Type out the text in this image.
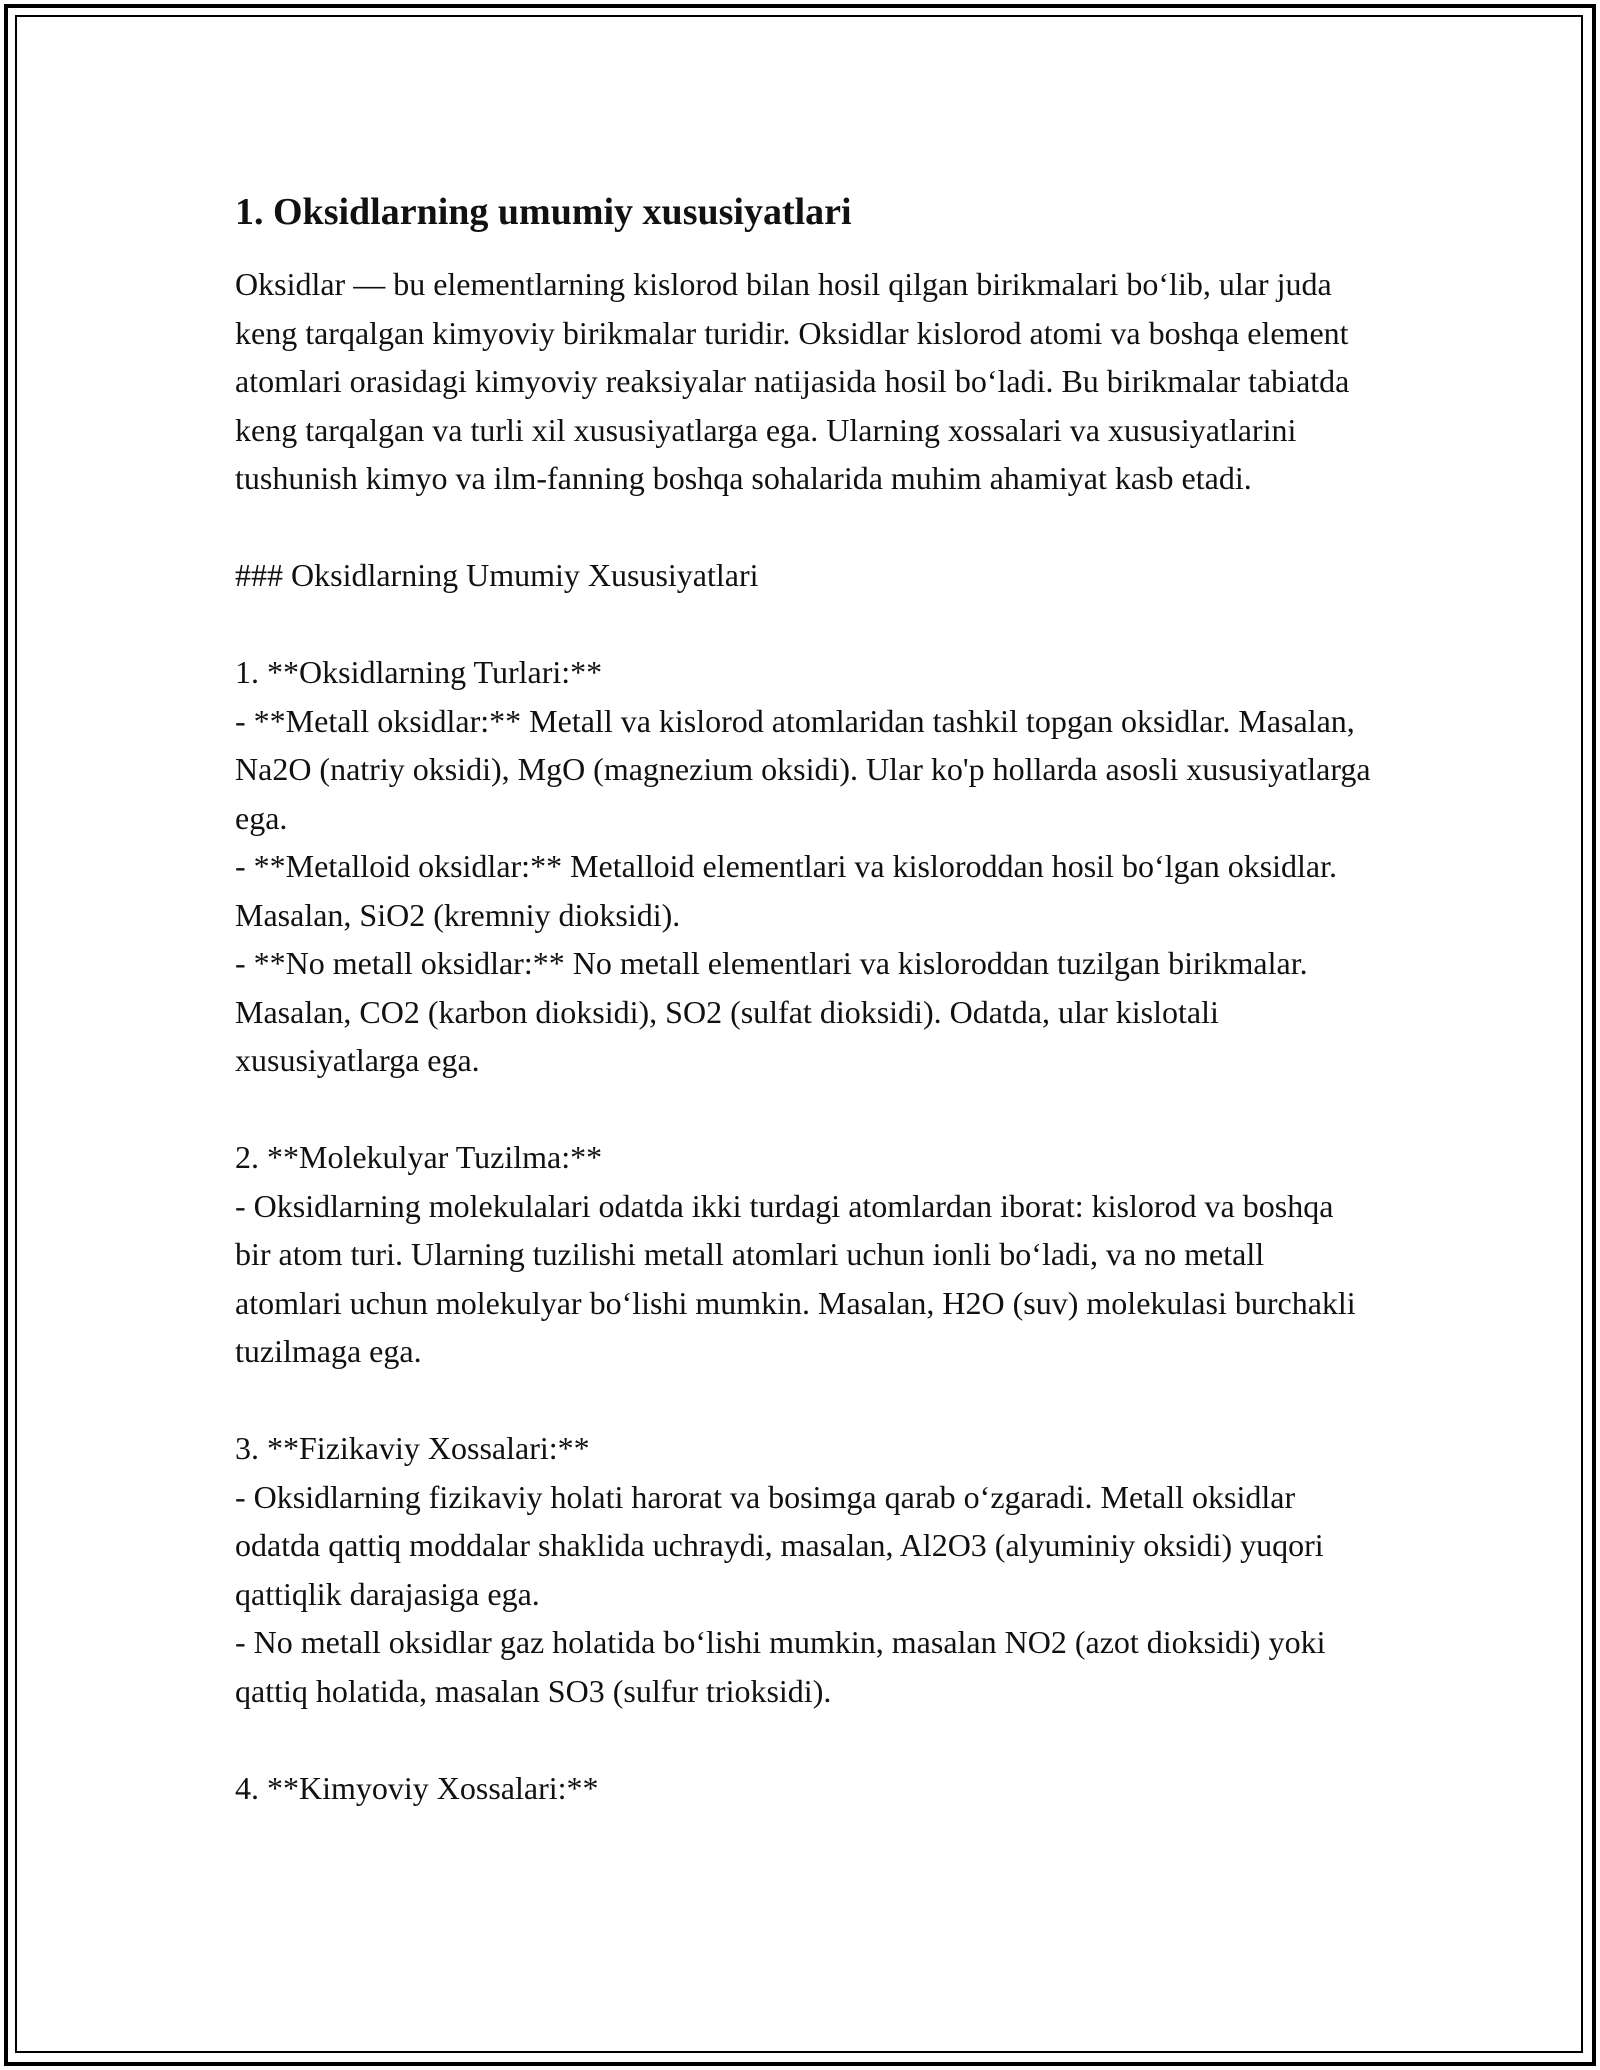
1. Oksidlarning umumiy xususiyatlari

Oksidlar — bu elementlarning kislorod bilan hosil qilgan birikmalari bo‘lib, ular juda keng tarqalgan kimyoviy birikmalar turidir. Oksidlar kislorod atomi va boshqa element atomlari orasidagi kimyoviy reaksiyalar natijasida hosil bo‘ladi. Bu birikmalar tabiatda keng tarqalgan va turli xil xususiyatlarga ega. Ularning xossalari va xususiyatlarini tushunish kimyo va ilm-fanning boshqa sohalarida muhim ahamiyat kasb etadi.

### Oksidlarning Umumiy Xususiyatlari

1. **Oksidlarning Turlari:**

- **Metall oksidlar:** Metall va kislorod atomlaridan tashkil topgan oksidlar. Masalan, Na2O (natriy oksidi), MgO (magnezium oksidi). Ular ko'p hollarda asosli xususiyatlarga ega.

- **Metalloid oksidlar:** Metalloid elementlari va kisloroddan hosil bo‘lgan oksidlar. Masalan, SiO2 (kremniy dioksidi).

- **No metall oksidlar:** No metall elementlari va kisloroddan tuzilgan birikmalar. Masalan, CO2 (karbon dioksidi), SO2 (sulfat dioksidi). Odatda, ular kislotali xususiyatlarga ega.

2. **Molekulyar Tuzilma:**

- Oksidlarning molekulalari odatda ikki turdagi atomlardan iborat: kislorod va boshqa bir atom turi. Ularning tuzilishi metall atomlari uchun ionli bo‘ladi, va no metall atomlari uchun molekulyar bo‘lishi mumkin. Masalan, H2O (suv) molekulasi burchakli tuzilmaga ega.

3. **Fizikaviy Xossalari:**

- Oksidlarning fizikaviy holati harorat va bosimga qarab o‘zgaradi. Metall oksidlar odatda qattiq moddalar shaklida uchraydi, masalan, Al2O3 (alyuminiy oksidi) yuqori qattiqlik darajasiga ega.

- No metall oksidlar gaz holatida bo‘lishi mumkin, masalan NO2 (azot dioksidi) yoki qattiq holatida, masalan SO3 (sulfur trioksidi).

4. **Kimyoviy Xossalari:**
